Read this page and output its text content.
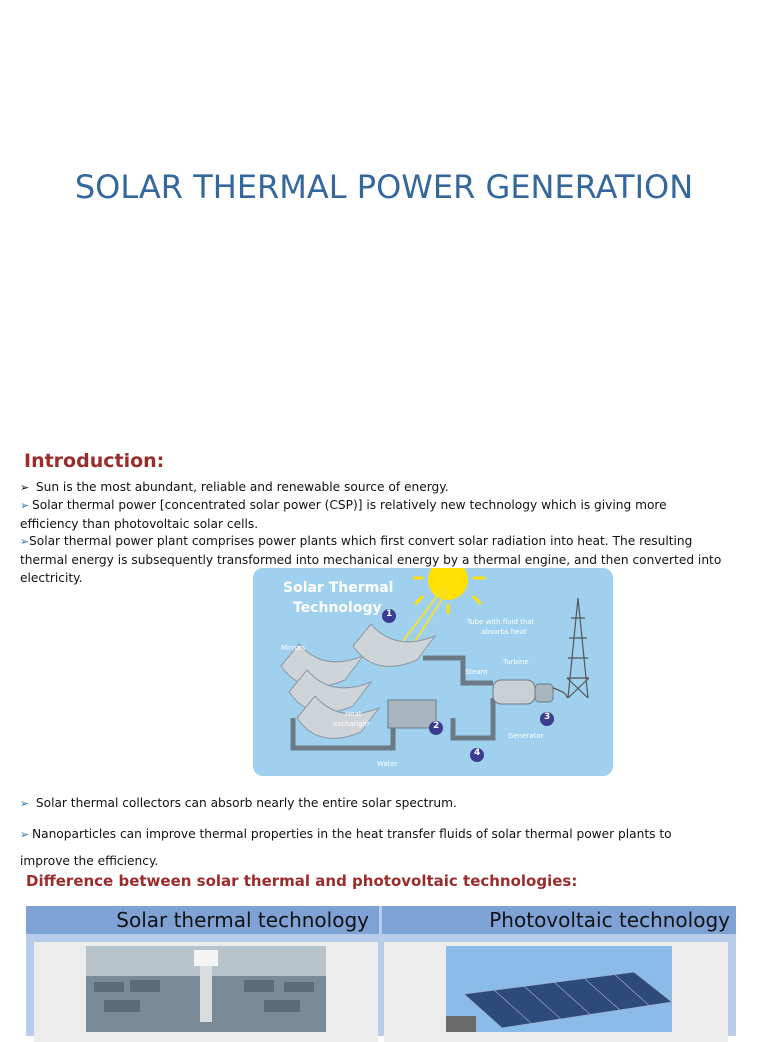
SOLAR THERMAL POWER GENERATION
Introduction:
➢ Sun is the most abundant, reliable and renewable source of energy.
➢ Solar thermal power [concentrated solar power (CSP)] is relatively new technology which is giving more
efficiency than photovoltaic solar cells.
➢Solar thermal power plant comprises power plants which first convert solar radiation into heat. The resulting
thermal energy is subsequently transformed into mechanical energy by a thermal engine, and then converted into
electricity.
Solar Thermal
Technology 1
2
3
4
Mirrors
Tube with fluid that
absorbs heat
Steam
Turbine
Heat
exchanger
Generator
Water
➢ Solar thermal collectors can absorb nearly the entire solar spectrum.
➢ Nanoparticles can improve thermal properties in the heat transfer fluids of solar thermal power plants to
improve the efficiency.
Difference between solar thermal and photovoltaic technologies:
Solar thermal technology	Photovoltaic technology
